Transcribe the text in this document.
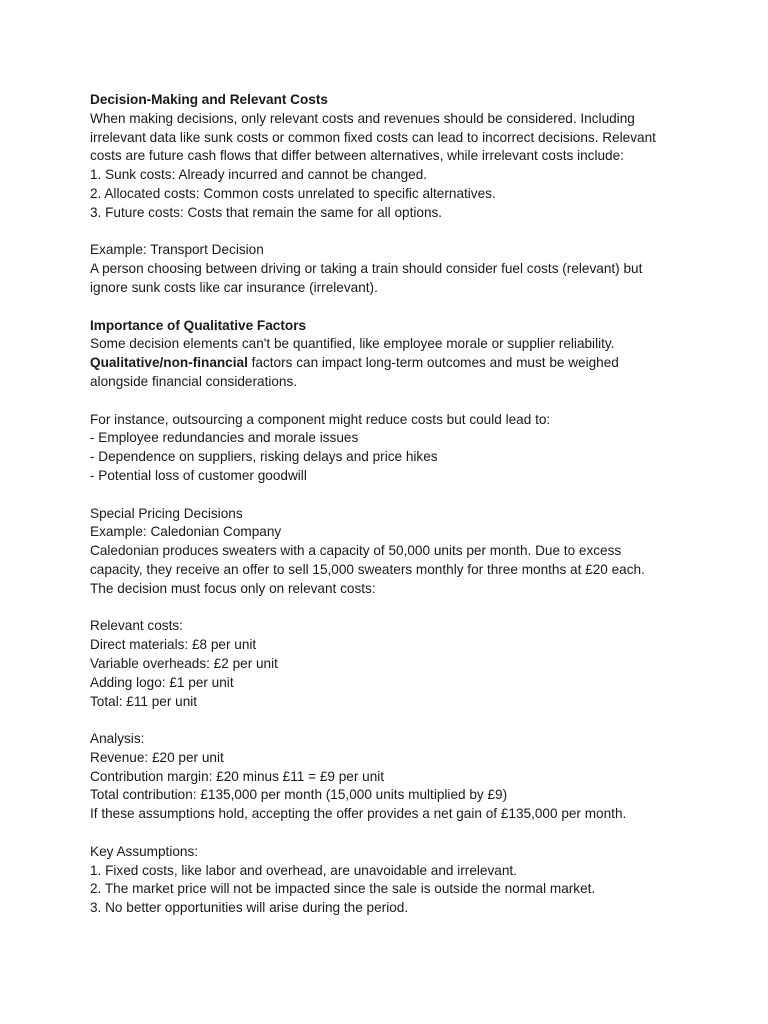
Decision-Making and Relevant Costs
When making decisions, only relevant costs and revenues should be considered. Including
irrelevant data like sunk costs or common fixed costs can lead to incorrect decisions. Relevant
costs are future cash flows that differ between alternatives, while irrelevant costs include:
1. Sunk costs: Already incurred and cannot be changed.
2. Allocated costs: Common costs unrelated to specific alternatives.
3. Future costs: Costs that remain the same for all options.
Example: Transport Decision
A person choosing between driving or taking a train should consider fuel costs (relevant) but
ignore sunk costs like car insurance (irrelevant).
Importance of Qualitative Factors
Some decision elements can't be quantified, like employee morale or supplier reliability.
Qualitative/non-financial factors can impact long-term outcomes and must be weighed
alongside financial considerations.
For instance, outsourcing a component might reduce costs but could lead to:
- Employee redundancies and morale issues
- Dependence on suppliers, risking delays and price hikes
- Potential loss of customer goodwill
Special Pricing Decisions
Example: Caledonian Company
Caledonian produces sweaters with a capacity of 50,000 units per month. Due to excess
capacity, they receive an offer to sell 15,000 sweaters monthly for three months at £20 each.
The decision must focus only on relevant costs:
Relevant costs:
Direct materials: £8 per unit
Variable overheads: £2 per unit
Adding logo: £1 per unit
Total: £11 per unit
Analysis:
Revenue: £20 per unit
Contribution margin: £20 minus £11 = £9 per unit
Total contribution: £135,000 per month (15,000 units multiplied by £9)
If these assumptions hold, accepting the offer provides a net gain of £135,000 per month.
Key Assumptions:
1. Fixed costs, like labor and overhead, are unavoidable and irrelevant.
2. The market price will not be impacted since the sale is outside the normal market.
3. No better opportunities will arise during the period.
